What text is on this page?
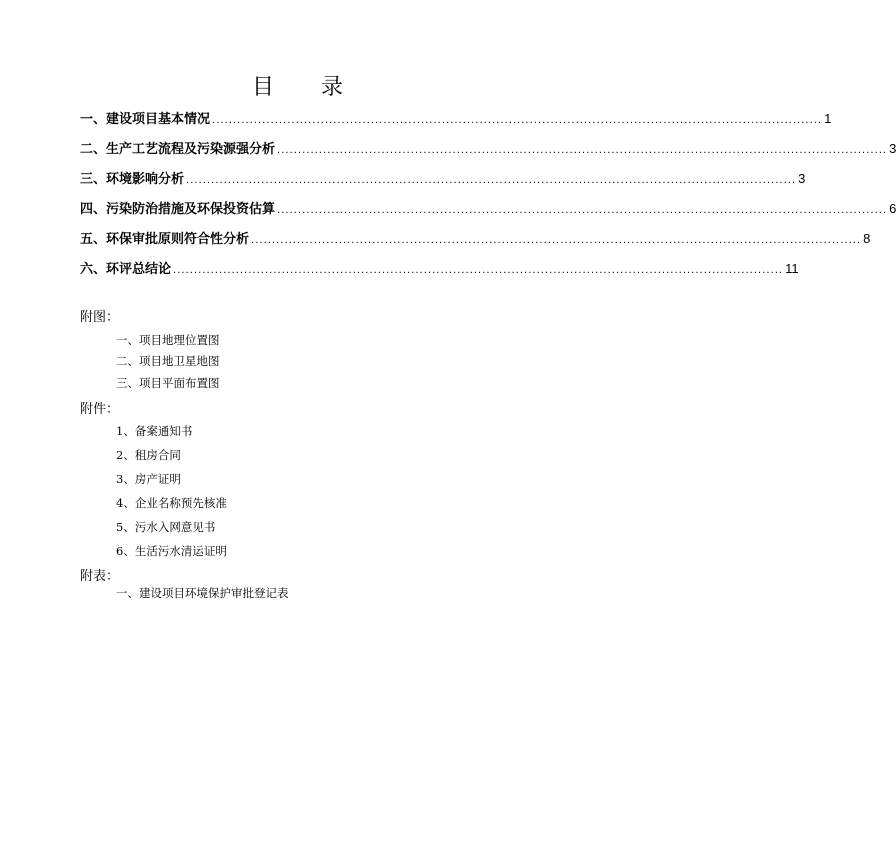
目 录
一、建设项目基本情况 .................................................................................................................................................. 1
二、生产工艺流程及污染源强分析 .................................................................................................................................................. 3
三、环境影响分析 .................................................................................................................................................. 3
四、污染防治措施及环保投资估算 .................................................................................................................................................. 6
五、环保审批原则符合性分析 .................................................................................................................................................. 8
六、环评总结论 .................................................................................................................................................. 11
附图：
一、项目地理位置图
二、项目地卫星地图
三、项目平面布置图
附件：
1、备案通知书
2、租房合同
3、房产证明
4、企业名称预先核准
5、污水入网意见书
6、生活污水清运证明
附表：
一、建设项目环境保护审批登记表
